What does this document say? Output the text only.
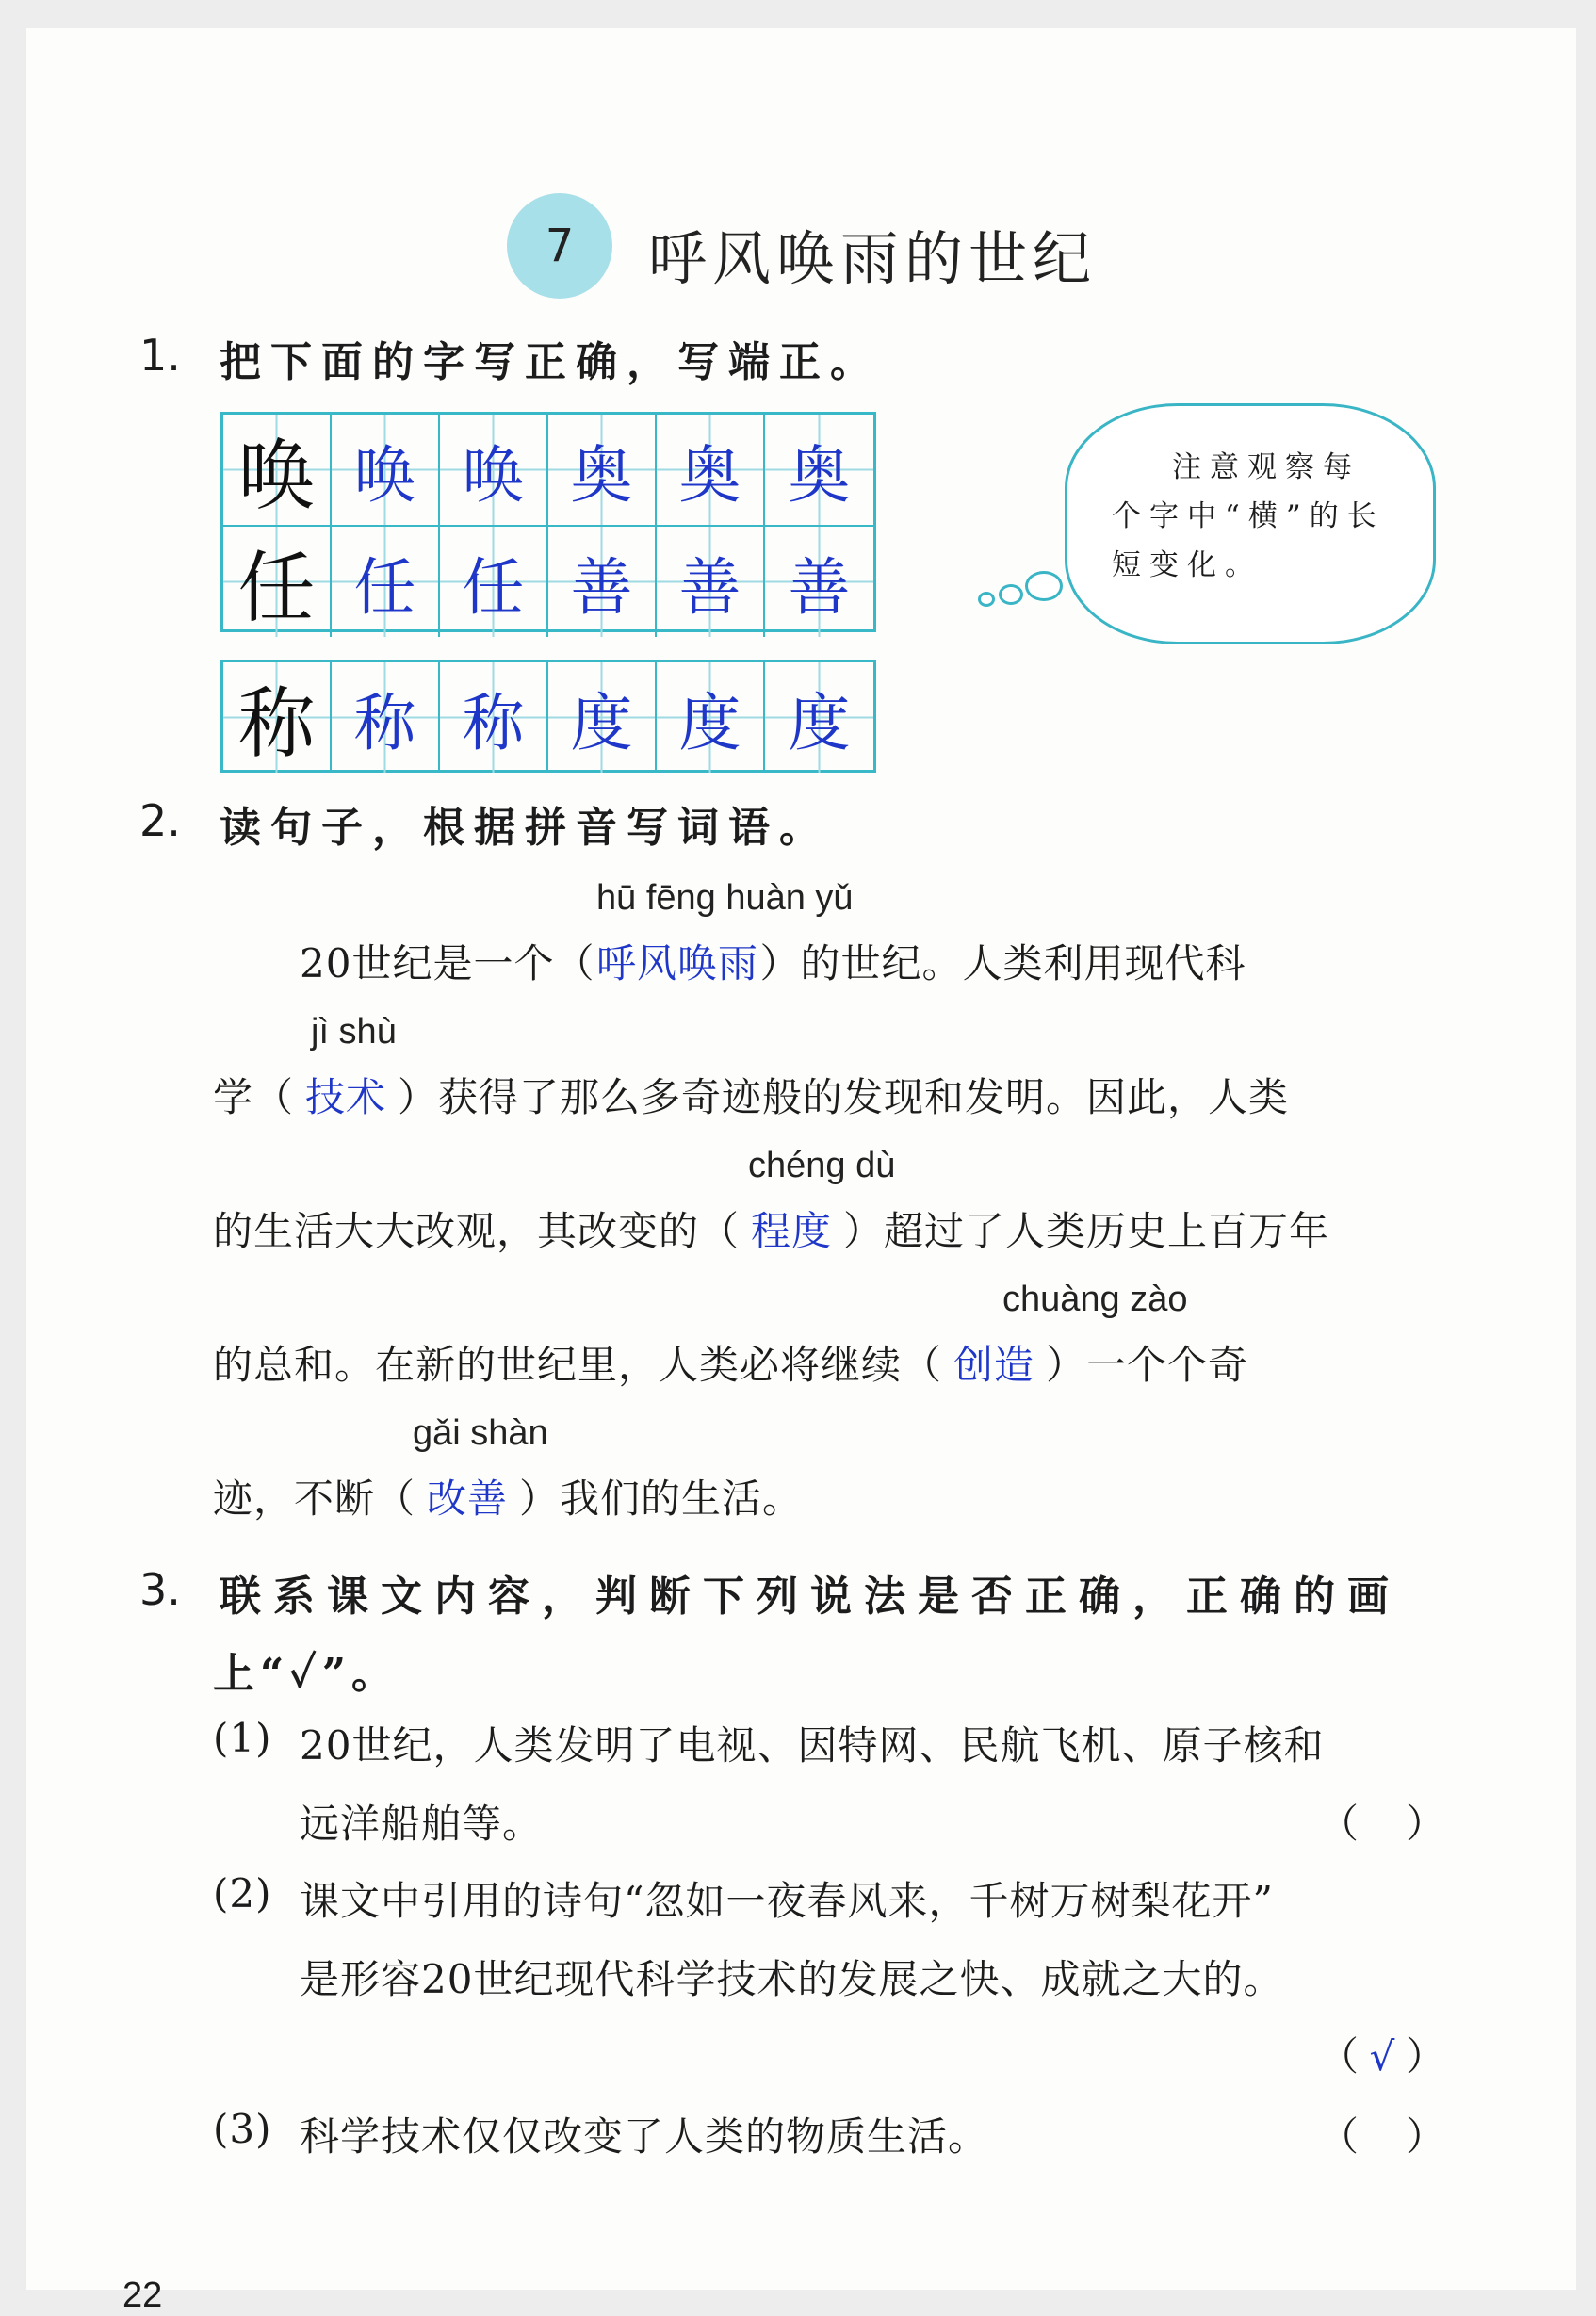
7	呼风唤雨的世纪
1. 把下面的字写正确，写端正。
唤 唤 唤 奥 奥 奥
任 任 任 善 善 善
称 称 称 度 度 度
注意观察每个字中“横”的长短变化。
2. 读句子，根据拼音写词语。
hū fēng huàn yǔ
20世纪是一个（呼风唤雨）的世纪。人类利用现代科
jì shù
学（ 技术 ）获得了那么多奇迹般的发现和发明。因此，人类
chéng dù
的生活大大改观，其改变的（ 程度 ）超过了人类历史上百万年
chuàng zào
的总和。在新的世纪里，人类必将继续（ 创造 ）一个个奇
gǎi shàn
迹，不断（ 改善 ）我们的生活。
3. 联系课文内容，判断下列说法是否正确，正确的画
上“✓”。
(1) 20世纪，人类发明了电视、因特网、民航飞机、原子核和
远洋船舶等。	（ ）
(2) 课文中引用的诗句“忽如一夜春风来，千树万树梨花开”
是形容20世纪现代科学技术的发展之快、成就之大的。
（ √ ）
(3) 科学技术仅仅改变了人类的物质生活。	（ ）
22
